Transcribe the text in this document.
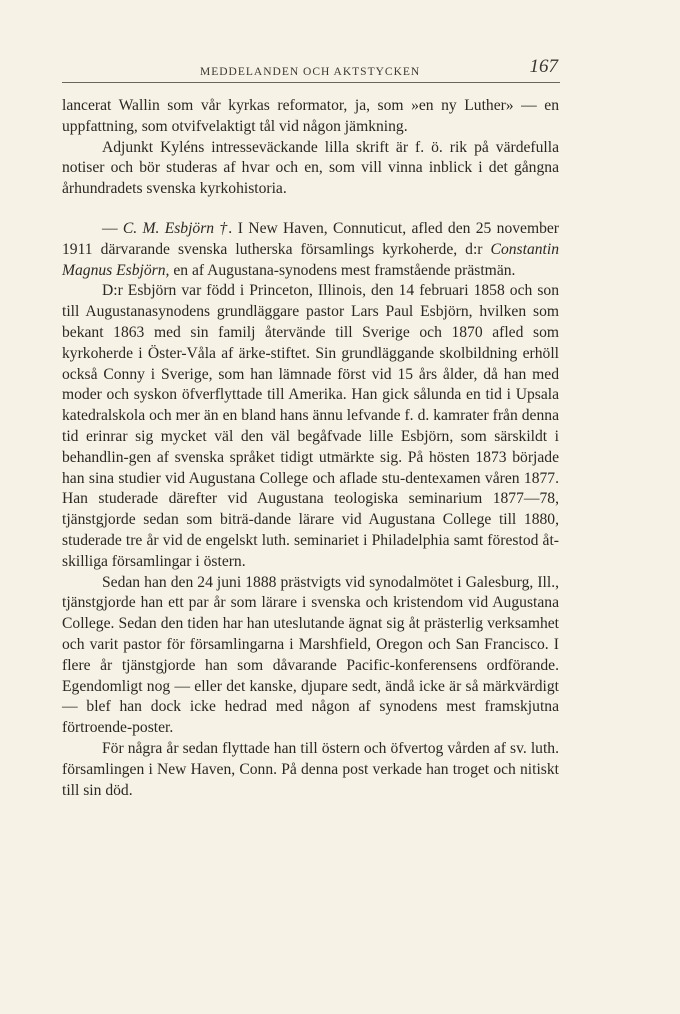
MEDDELANDEN OCH AKTSTYCKEN	167

lancerat Wallin som vår kyrkas reformator, ja, som »en ny Luther» — en uppfattning, som otvifvelaktigt tål vid någon jämkning.

Adjunkt Kyléns intresseväckande lilla skrift är f. ö. rik på värdefulla notiser och bör studeras af hvar och en, som vill vinna inblick i det gångna århundradets svenska kyrkohistoria.

— C. M. Esbjörn †. I New Haven, Connuticut, afled den 25 november 1911 därvarande svenska lutherska församlings kyrkoherde, d:r Constantin Magnus Esbjörn, en af Augustana-synodens mest framstående prästmän.

D:r Esbjörn var född i Princeton, Illinois, den 14 februari 1858 och son till Augustanasynodens grundläggare pastor Lars Paul Esbjörn, hvilken som bekant 1863 med sin familj återvände till Sverige och 1870 afled som kyrkoherde i Öster-Våla af ärke-stiftet. Sin grundläggande skolbildning erhöll också Conny i Sverige, som han lämnade först vid 15 års ålder, då han med moder och syskon öfverflyttade till Amerika. Han gick sålunda en tid i Upsala katedralskola och mer än en bland hans ännu lefvande f. d. kamrater från denna tid erinrar sig mycket väl den väl begåfvade lille Esbjörn, som särskildt i behandlin-gen af svenska språket tidigt utmärkte sig. På hösten 1873 började han sina studier vid Augustana College och aflade stu-dentexamen våren 1877. Han studerade därefter vid Augustana teologiska seminarium 1877—78, tjänstgjorde sedan som biträ-dande lärare vid Augustana College till 1880, studerade tre år vid de engelskt luth. seminariet i Philadelphia samt förestod åt-skilliga församlingar i östern.

Sedan han den 24 juni 1888 prästvigts vid synodalmötet i Galesburg, Ill., tjänstgjorde han ett par år som lärare i svenska och kristendom vid Augustana College. Sedan den tiden har han uteslutande ägnat sig åt prästerlig verksamhet och varit pastor för församlingarna i Marshfield, Oregon och San Francisco. I flere år tjänstgjorde han som dåvarande Pacific-konferensens ordförande. Egendomligt nog — eller det kanske, djupare sedt, ändå icke är så märkvärdigt — blef han dock icke hedrad med någon af synodens mest framskjutna förtroende-poster.

För några år sedan flyttade han till östern och öfvertog vården af sv. luth. församlingen i New Haven, Conn. På denna post verkade han troget och nitiskt till sin död.
